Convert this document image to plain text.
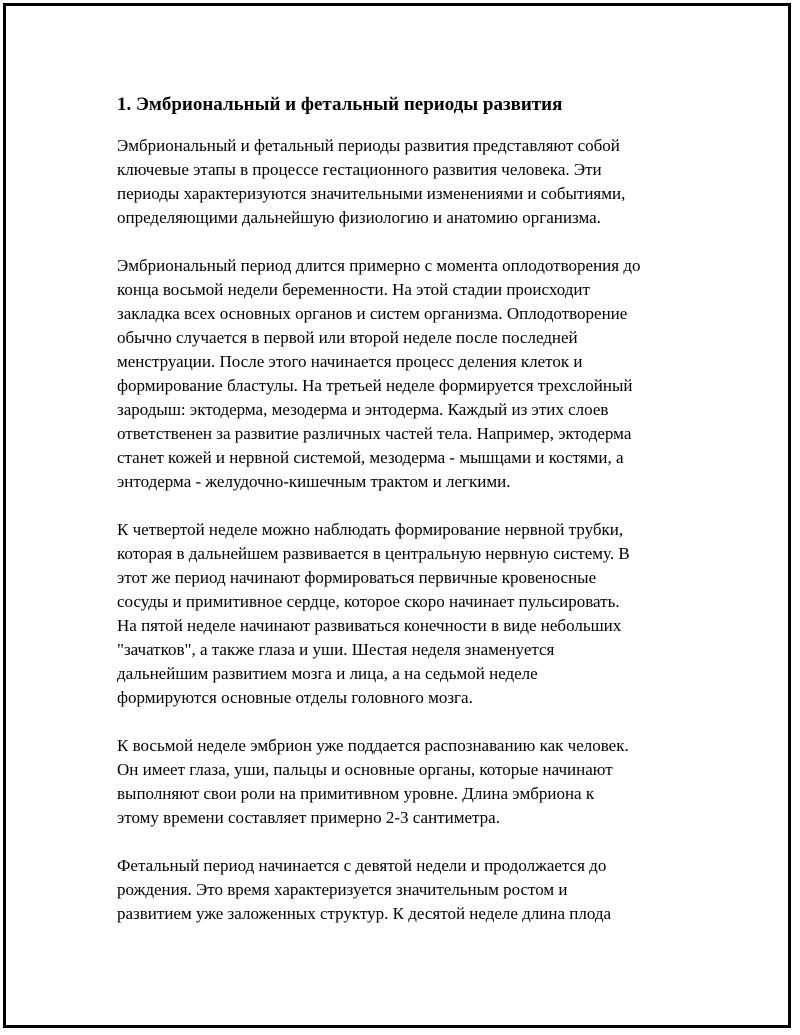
1. Эмбриональный и фетальный периоды развития

Эмбриональный и фетальный периоды развития представляют собой
ключевые этапы в процессе гестационного развития человека. Эти
периоды характеризуются значительными изменениями и событиями,
определяющими дальнейшую физиологию и анатомию организма.

Эмбриональный период длится примерно с момента оплодотворения до
конца восьмой недели беременности. На этой стадии происходит
закладка всех основных органов и систем организма. Оплодотворение
обычно случается в первой или второй неделе после последней
менструации. После этого начинается процесс деления клеток и
формирование бластулы. На третьей неделе формируется трехслойный
зародыш: эктодерма, мезодерма и энтодерма. Каждый из этих слоев
ответственен за развитие различных частей тела. Например, эктодерма
станет кожей и нервной системой, мезодерма - мышцами и костями, а
энтодерма - желудочно-кишечным трактом и легкими.

К четвертой неделе можно наблюдать формирование нервной трубки,
которая в дальнейшем развивается в центральную нервную систему. В
этот же период начинают формироваться первичные кровеносные
сосуды и примитивное сердце, которое скоро начинает пульсировать.
На пятой неделе начинают развиваться конечности в виде небольших
"зачатков", а также глаза и уши. Шестая неделя знаменуется
дальнейшим развитием мозга и лица, а на седьмой неделе
формируются основные отделы головного мозга.

К восьмой неделе эмбрион уже поддается распознаванию как человек.
Он имеет глаза, уши, пальцы и основные органы, которые начинают
выполняют свои роли на примитивном уровне. Длина эмбриона к
этому времени составляет примерно 2-3 сантиметра.

Фетальный период начинается с девятой недели и продолжается до
рождения. Это время характеризуется значительным ростом и
развитием уже заложенных структур. К десятой неделе длина плода
